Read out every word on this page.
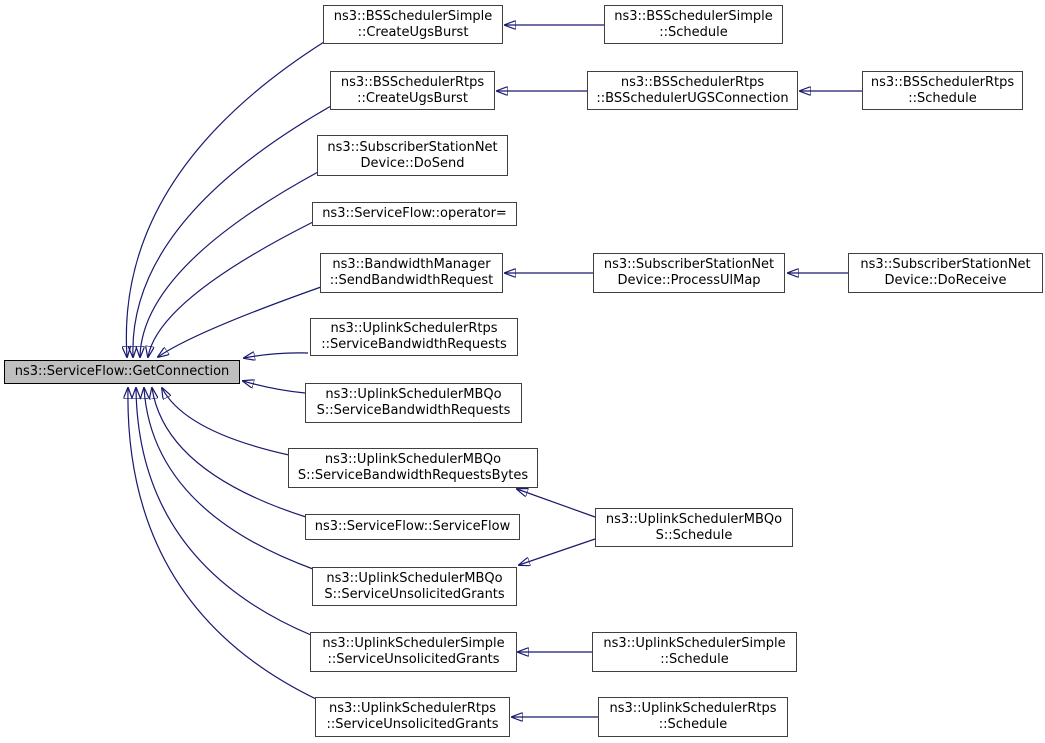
ns3::ServiceFlow::GetConnection
ns3::BSSchedulerSimple
::CreateUgsBurst
ns3::BSSchedulerSimple
::Schedule
ns3::BSSchedulerRtps
::CreateUgsBurst
ns3::BSSchedulerRtps
::BSSchedulerUGSConnection
ns3::BSSchedulerRtps
::Schedule
ns3::SubscriberStationNet
Device::DoSend
ns3::ServiceFlow::operator=
ns3::BandwidthManager
::SendBandwidthRequest
ns3::SubscriberStationNet
Device::ProcessUlMap
ns3::SubscriberStationNet
Device::DoReceive
ns3::UplinkSchedulerRtps
::ServiceBandwidthRequests
ns3::UplinkSchedulerMBQo
S::ServiceBandwidthRequests
ns3::UplinkSchedulerMBQo
S::ServiceBandwidthRequestsBytes
ns3::ServiceFlow::ServiceFlow	ns3::UplinkSchedulerMBQo
S::Schedule
ns3::UplinkSchedulerMBQo
S::ServiceUnsolicitedGrants
ns3::UplinkSchedulerSimple
::ServiceUnsolicitedGrants
ns3::UplinkSchedulerSimple
::Schedule
ns3::UplinkSchedulerRtps
::ServiceUnsolicitedGrants
ns3::UplinkSchedulerRtps
::Schedule
